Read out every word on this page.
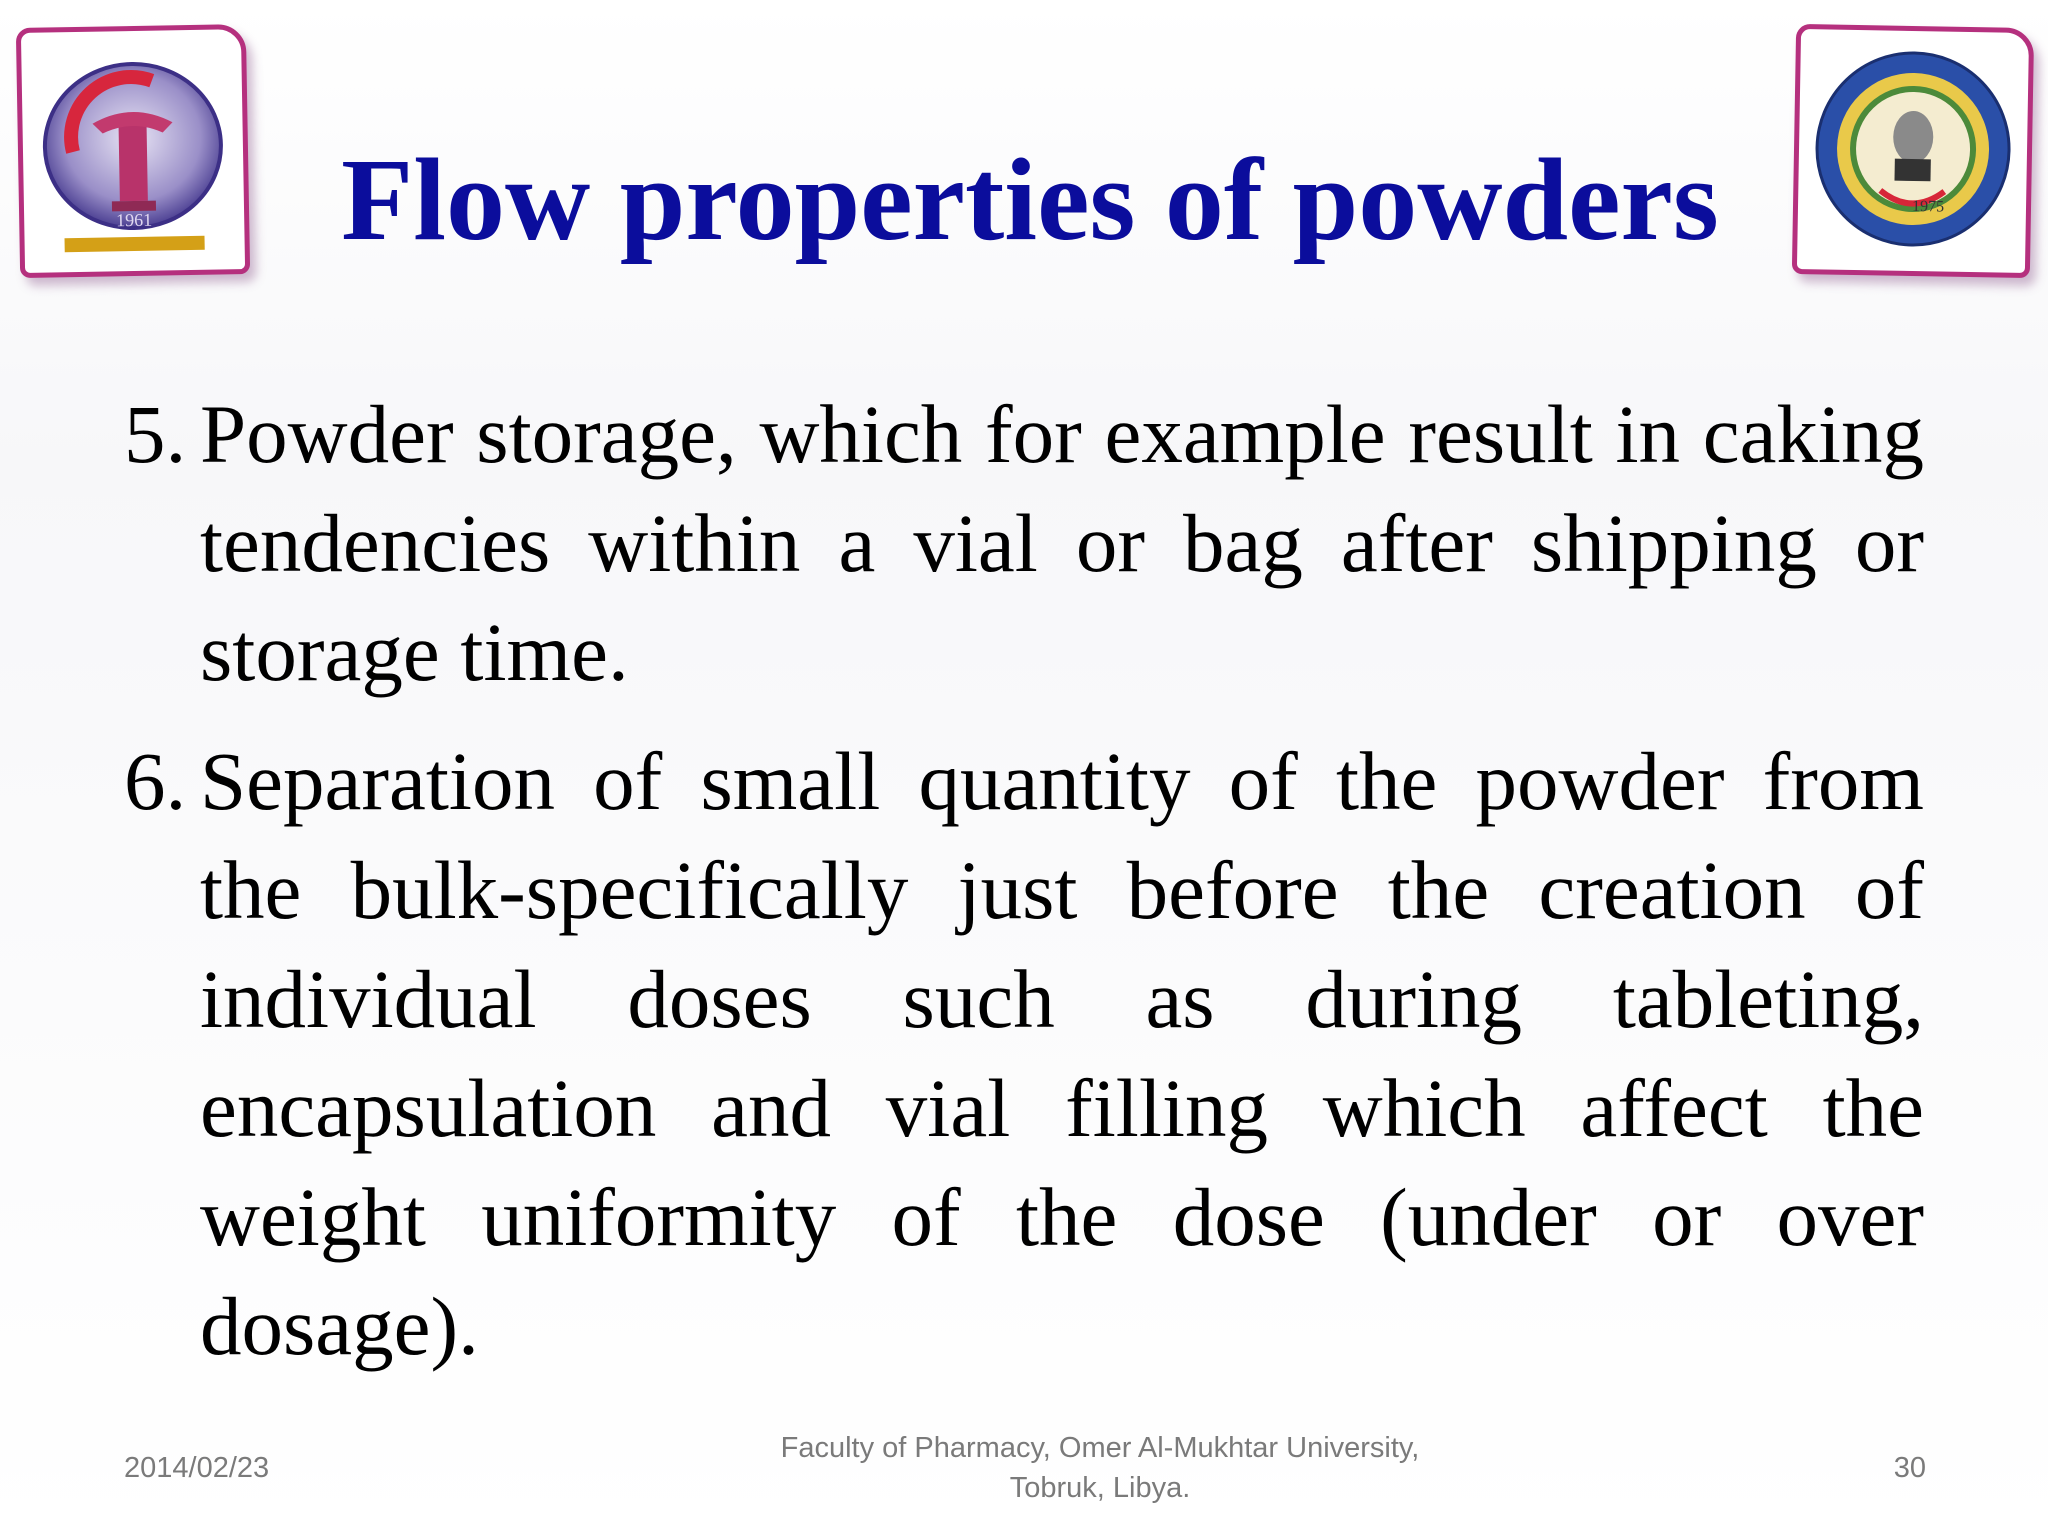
1961
1975
Flow properties of powders

5. Powder storage, which for example result in caking tendencies within a vial or bag after shipping or storage time.

6. Separation of small quantity of the powder from the bulk-specifically just before the creation of individual doses such as during tableting, encapsulation and vial filling which affect the weight uniformity of the dose (under or over dosage).

2014/02/23
Faculty of Pharmacy, Omer Al-Mukhtar University,
Tobruk, Libya.
30
